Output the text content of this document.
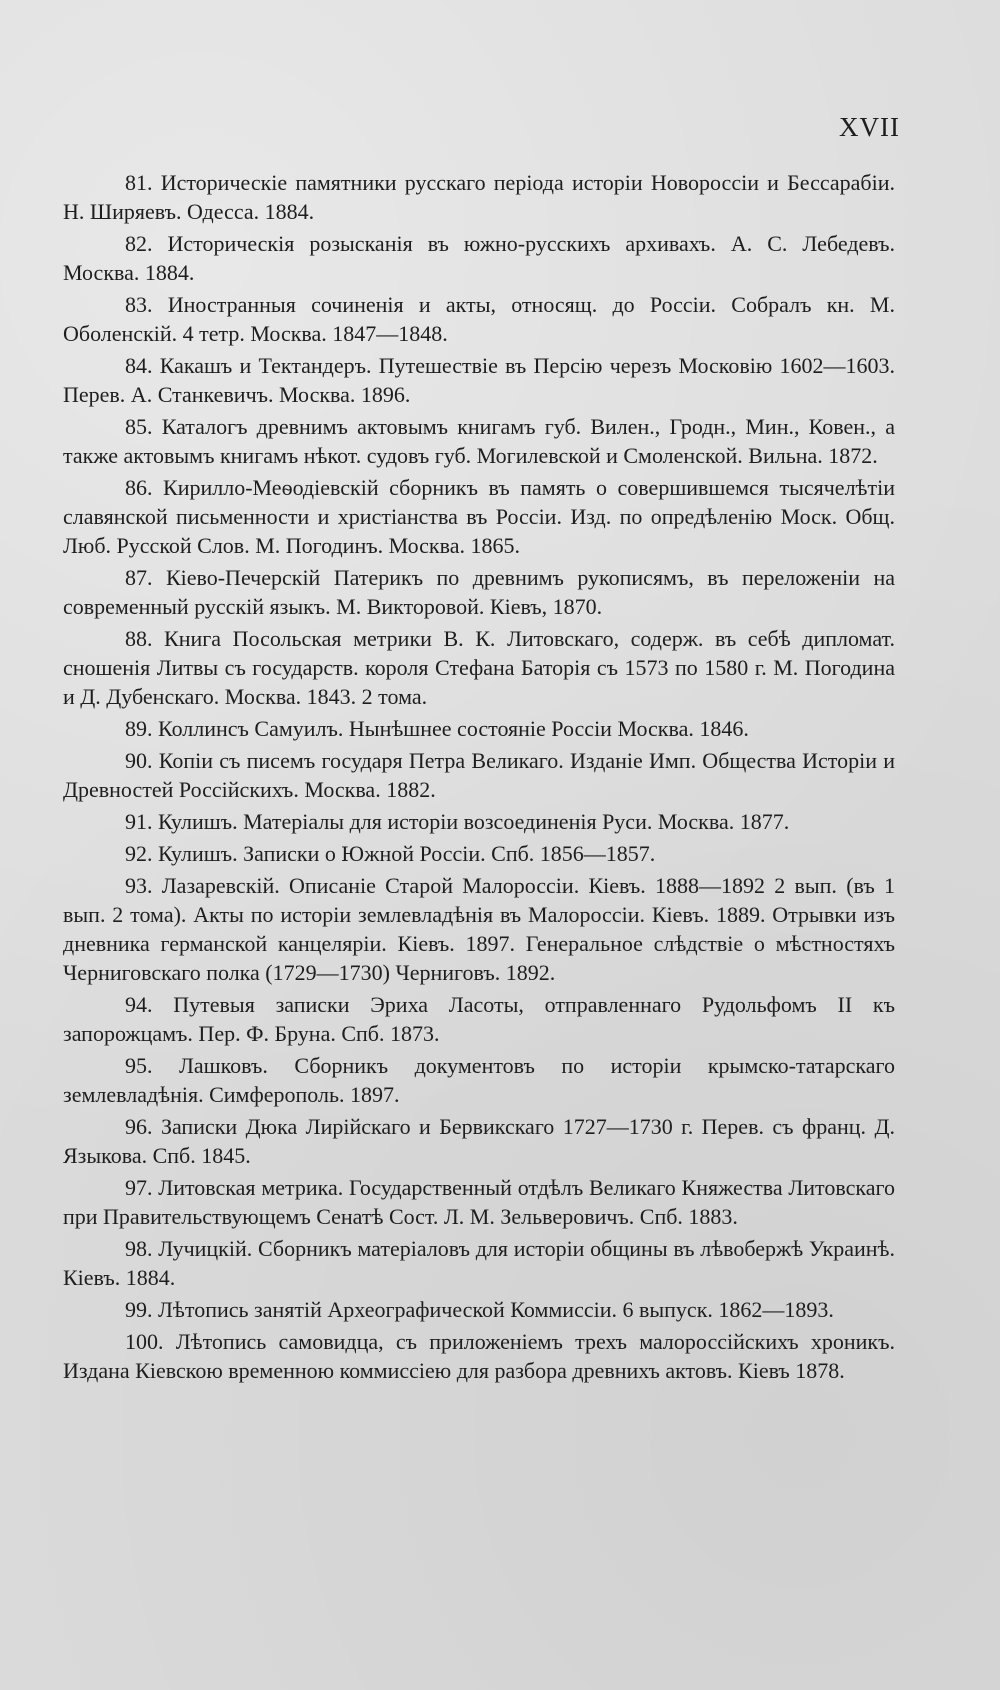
XVII

81. Историческіе памятники русскаго періода исторіи Новороссіи и Бессарабіи. Н. Ширяевъ. Одесса. 1884.

82. Историческія розысканія въ южно-русскихъ архивахъ. А. С. Лебедевъ. Москва. 1884.

83. Иностранныя сочиненія и акты, относящ. до Россіи. Собралъ кн. М. Оболенскій. 4 тетр. Москва. 1847—1848.

84. Какашъ и Тектандеръ. Путешествіе въ Персію черезъ Московію 1602—1603. Перев. А. Станкевичъ. Москва. 1896.

85. Каталогъ древнимъ актовымъ книгамъ губ. Вилен., Гродн., Мин., Ковен., а также актовымъ книгамъ нѣкот. судовъ губ. Могилевской и Смоленской. Вильна. 1872.

86. Кирилло-Меѳодіевскій сборникъ въ память о совершившемся тысячелѣтіи славянской письменности и христіанства въ Россіи. Изд. по опредѣленію Моск. Общ. Люб. Русской Слов. М. Погодинъ. Москва. 1865.

87. Кіево-Печерскій Патерикъ по древнимъ рукописямъ, въ переложеніи на современный русскій языкъ. М. Викторовой. Кіевъ, 1870.

88. Книга Посольская метрики В. К. Литовскаго, содерж. въ себѣ дипломат. сношенія Литвы съ государств. короля Стефана Баторія съ 1573 по 1580 г. М. Погодина и Д. Дубенскаго. Москва. 1843. 2 тома.

89. Коллинсъ Самуилъ. Нынѣшнее состояніе Россіи Москва. 1846.

90. Копіи съ писемъ государя Петра Великаго. Изданіе Имп. Общества Исторіи и Древностей Россійскихъ. Москва. 1882.

91. Кулишъ. Матеріалы для исторіи возсоединенія Руси. Москва. 1877.

92. Кулишъ. Записки о Южной Россіи. Спб. 1856—1857.

93. Лазаревскій. Описаніе Старой Малороссіи. Кіевъ. 1888—1892 2 вып. (въ 1 вып. 2 тома). Акты по исторіи землевладѣнія въ Малороссіи. Кіевъ. 1889. Отрывки изъ дневника германской канцеляріи. Кіевъ. 1897. Генеральное слѣдствіе о мѣстностяхъ Черниговскаго полка (1729—1730) Черниговъ. 1892.

94. Путевыя записки Эриха Ласоты, отправленнаго Рудольфомъ II къ запорожцамъ. Пер. Ф. Бруна. Спб. 1873.

95. Лашковъ. Сборникъ документовъ по исторіи крымско-татарскаго землевладѣнія. Симферополь. 1897.

96. Записки Дюка Лирійскаго и Бервикскаго 1727—1730 г. Перев. съ франц. Д. Языкова. Спб. 1845.

97. Литовская метрика. Государственный отдѣлъ Великаго Княжества Литовскаго при Правительствующемъ Сенатѣ Сост. Л. М. Зельверовичъ. Спб. 1883.

98. Лучицкій. Сборникъ матеріаловъ для исторіи общины въ лѣвобержѣ Украинѣ. Кіевъ. 1884.

99. Лѣтопись занятій Археографической Коммиссіи. 6 выпуск. 1862—1893.

100. Лѣтопись самовидца, съ приложеніемъ трехъ малороссійскихъ хроникъ. Издана Кіевскою временною коммиссіею для разбора древнихъ актовъ. Кіевъ 1878.
